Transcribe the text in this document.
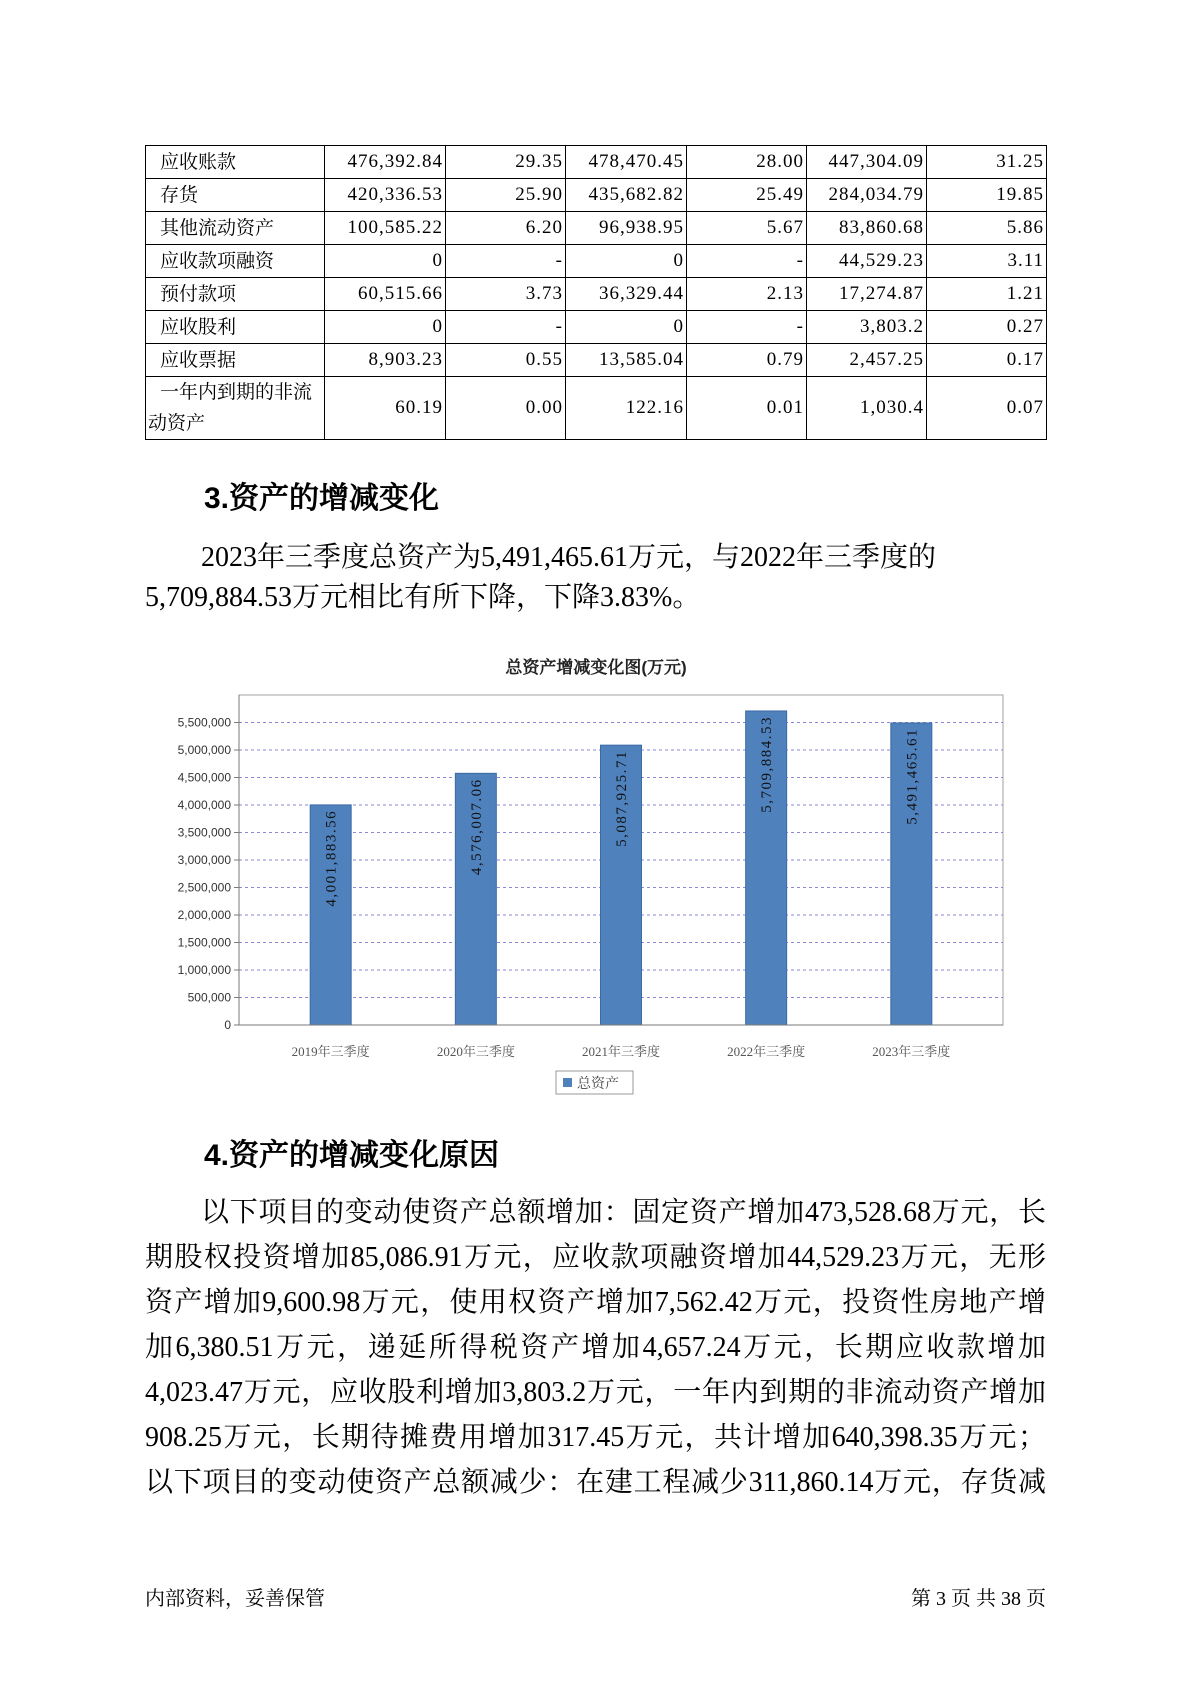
应收账款	476,392.84	29.35	478,470.45	28.00	447,304.09	31.25
存货	420,336.53	25.90	435,682.82	25.49	284,034.79	19.85
其他流动资产	100,585.22	6.20	96,938.95	5.67	83,860.68	5.86
应收款项融资	0	-	0	-	44,529.23	3.11
预付款项	60,515.66	3.73	36,329.44	2.13	17,274.87	1.21
应收股利	0	-	0	-	3,803.2	0.27
应收票据	8,903.23	0.55	13,585.04	0.79	2,457.25	0.17
一年内到期的非流动资产	60.19	0.00	122.16	0.01	1,030.4	0.07
3.资产的增减变化
2023年三季度总资产为5,491,465.61万元，与2022年三季度的
5,709,884.53万元相比有所下降，下降3.83%。
总资产增减变化图(万元)
0
500,000
1,000,000
1,500,000
2,000,000
2,500,000
3,000,000
3,500,000
4,000,000
4,500,000
5,000,000
5,500,000
4,001,883.56
2019年三季度
4,576,007.06
2020年三季度
5,087,925.71
2021年三季度
5,709,884.53
2022年三季度
5,491,465.61
2023年三季度
总资产
4.资产的增减变化原因
以下项目的变动使资产总额增加：固定资产增加473,528.68万元，长
期股权投资增加85,086.91万元，应收款项融资增加44,529.23万元，无形
资产增加9,600.98万元，使用权资产增加7,562.42万元，投资性房地产增
加6,380.51万元，递延所得税资产增加4,657.24万元，长期应收款增加
4,023.47万元，应收股利增加3,803.2万元，一年内到期的非流动资产增加
908.25万元，长期待摊费用增加317.45万元，共计增加640,398.35万元；
以下项目的变动使资产总额减少：在建工程减少311,860.14万元，存货减
内部资料，妥善保管	第 3 页 共 38 页
